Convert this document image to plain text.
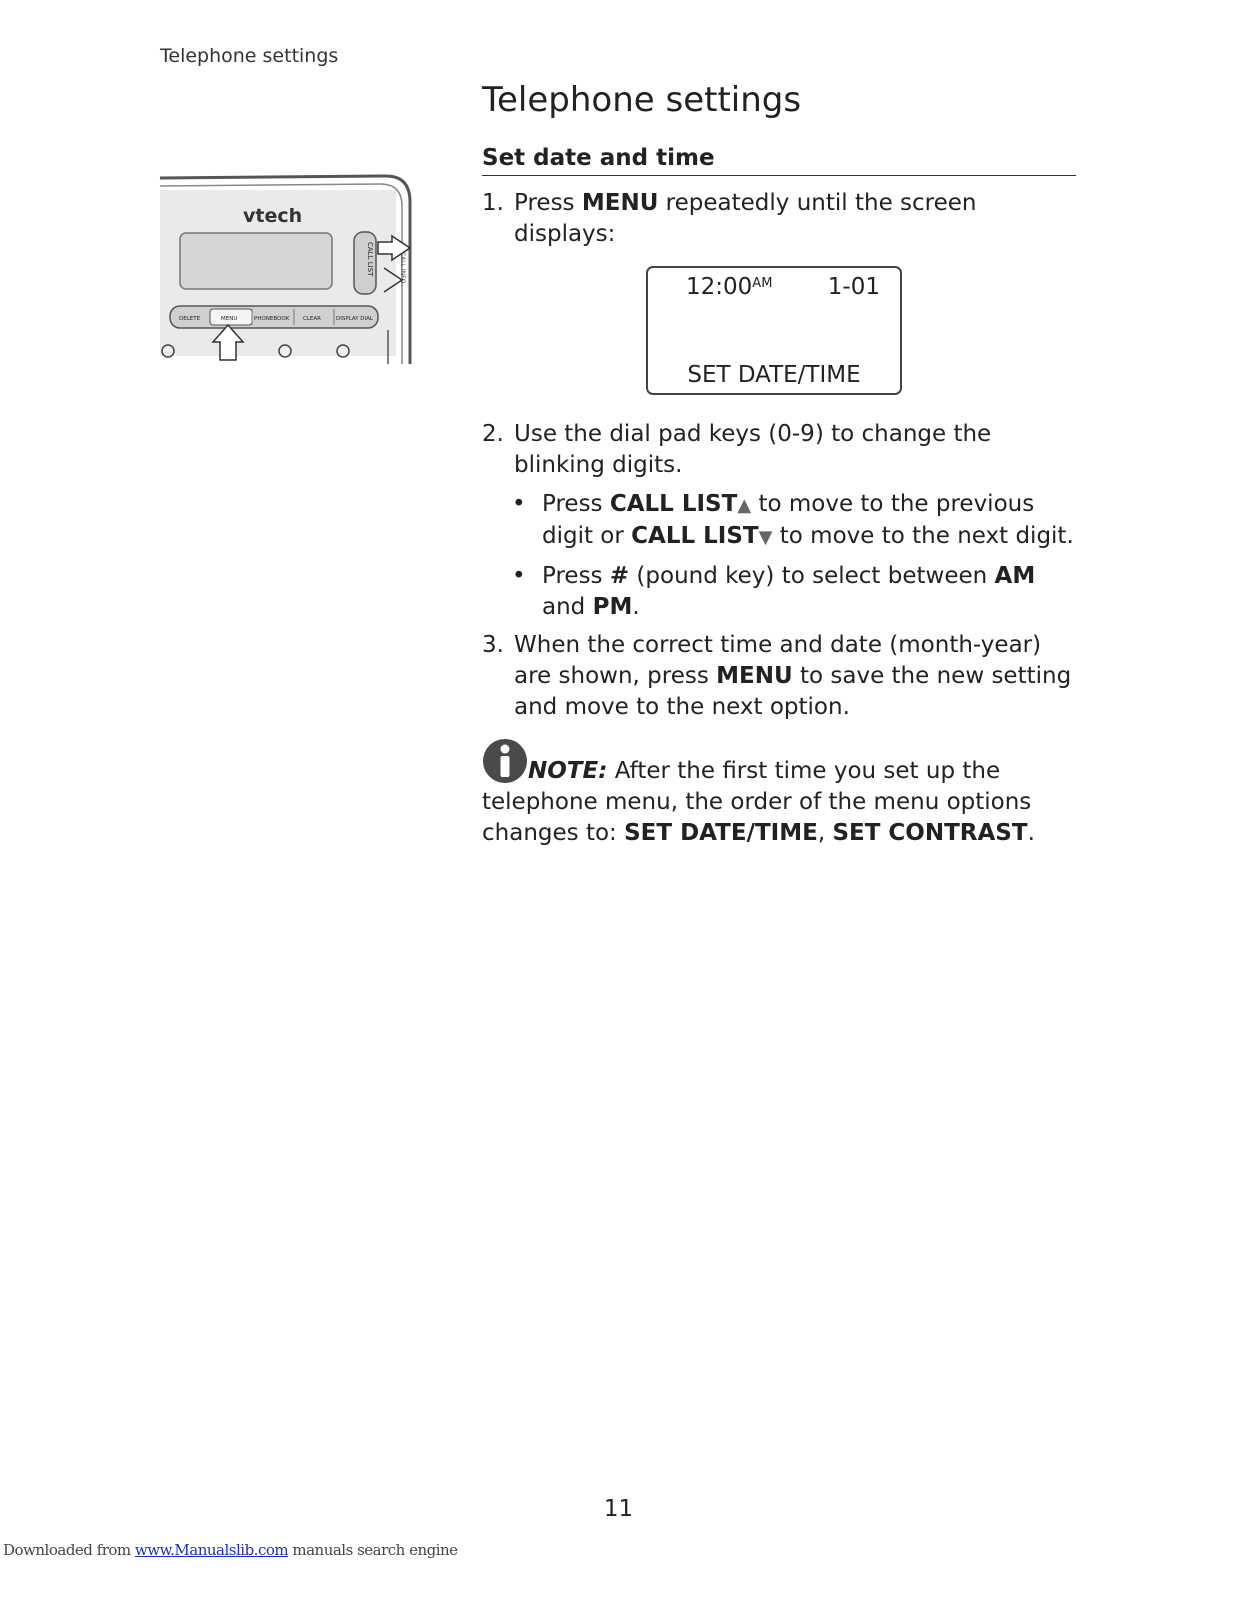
Telephone settings
Telephone settings
Set date and time
vtech
CALL LIST	CALL INFO
DELETE	MENU	PHONEBOOK CLEAR	DISPLAY DIAL

1. Press MENU repeatedly until the screen displays:

$12:00^{AM}$ 1-01
SET DATE/TIME

2. Use the dial pad keys (0-9) to change the blinking digits.

• Press CALL LIST▲ to move to the previous digit or CALL LIST▼ to move to the next digit.
• Press # (pound key) to select between AM and PM.

3. When the correct time and date (month-year) are shown, press MENU to save the new setting and move to the next option.

NOTE: After the first time you set up the telephone menu, the order of the menu options changes to: SET DATE/TIME, SET CONTRAST.
11
Downloaded from www.Manualslib.com manuals search engine
